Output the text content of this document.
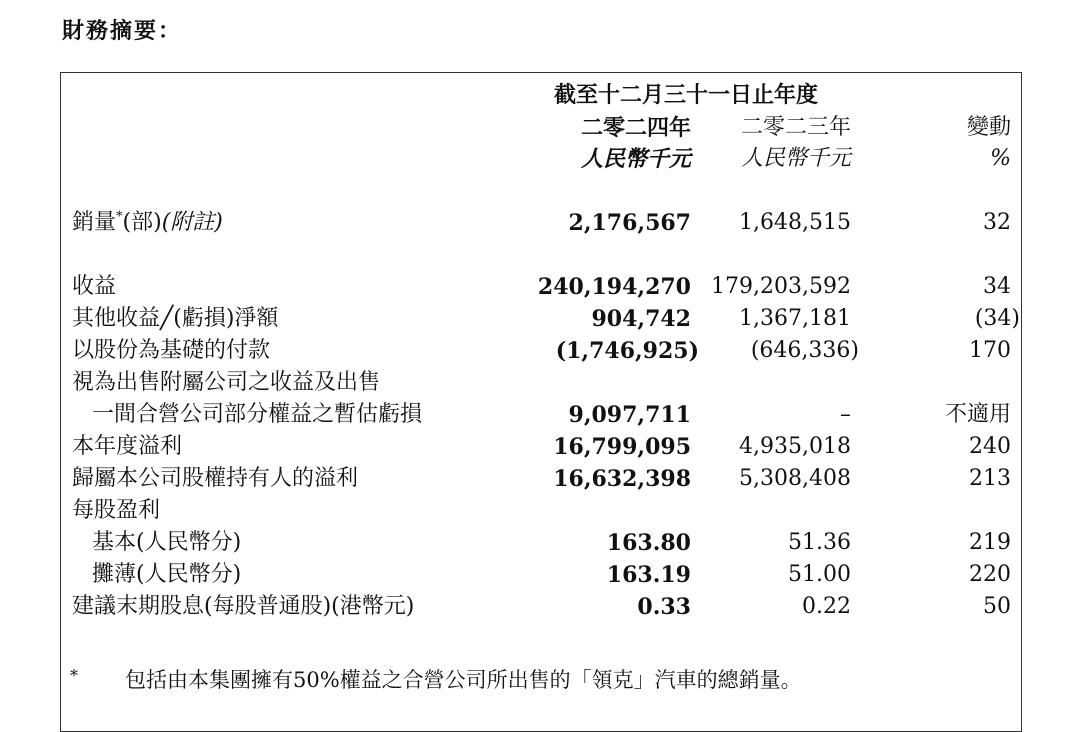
財務摘要：
截至十二月三十一日止年度
二零二四年 二零二三年	變動
人民幣千元 人民幣千元	%
銷量*(部)(附註)	2,176,567 1,648,515	32
收益	240,194,270 179,203,592	34
其他收益╱(虧損)淨額	904,742 1,367,181	(34)
以股份為基礎的付款	(1,746,925) (646,336)	170
視為出售附屬公司之收益及出售
一間合營公司部分權益之暫估虧損	9,097,711	–	不適用
本年度溢利	16,799,095 4,935,018	240
歸屬本公司股權持有人的溢利	16,632,398 5,308,408	213
每股盈利
基本(人民幣分)	163.80	51.36	219
攤薄(人民幣分)	163.19	51.00	220
建議末期股息(每股普通股)(港幣元)	0.33	0.22	50
* 包括由本集團擁有50%權益之合營公司所出售的「領克」汽車的總銷量。
